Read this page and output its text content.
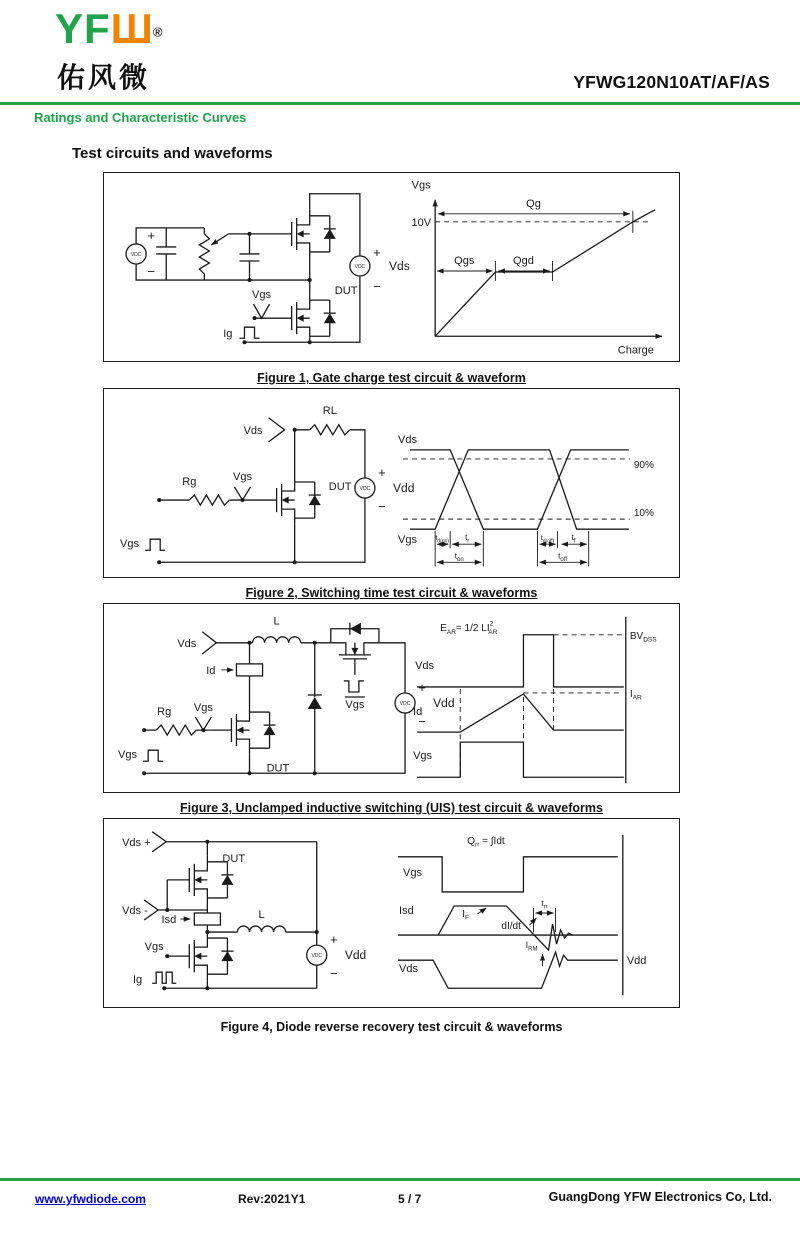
YFШ®
佑风微	YFWG120N10AT/AF/AS
Ratings and Characteristic Curves
Test circuits and waveforms
+
−
DUT
+
Vds
−
Vgs
Ig
Vgs
10V
Qg
Qgs	Qgd
Charge
Figure 1, Gate charge test circuit & waveform
Vgs
Rg	Vgs
DUT
Vds
RL
+
Vdd
−
Vds
90%
10%
Vgs	$t_{d(on)}$ $t_r$
$t_{on}$
$t_{d(off)}$ $t_f$
$t_{off}$
Figure 2, Switching time test circuit & waveforms
Vgs
Rg Vgs
DUT
Id
Vds
L
Vgs
+
Vdd
−
$E_{AR}= 1/2$ $LI^2$ AR
Vds
$BV_{DSS}$
$I_{AR}$
Id
Vgs
Figure 3, Unclamped inductive switching (UIS) test circuit & waveforms
Vds +
DUT
Vds -
Isd	L
Vgs
Ig
+
Vdd
−
$Q_{rr} = \int Idt$
Vgs
Isd	$I_F$
dI/dt
$t_{rr}$
$I_{RM}$
Vds
Vdd
Figure 4, Diode reverse recovery test circuit & waveforms
www.yfwdiode.com	Rev:2021Y1	5 / 7	GuangDong YFW Electronics Co, Ltd.
